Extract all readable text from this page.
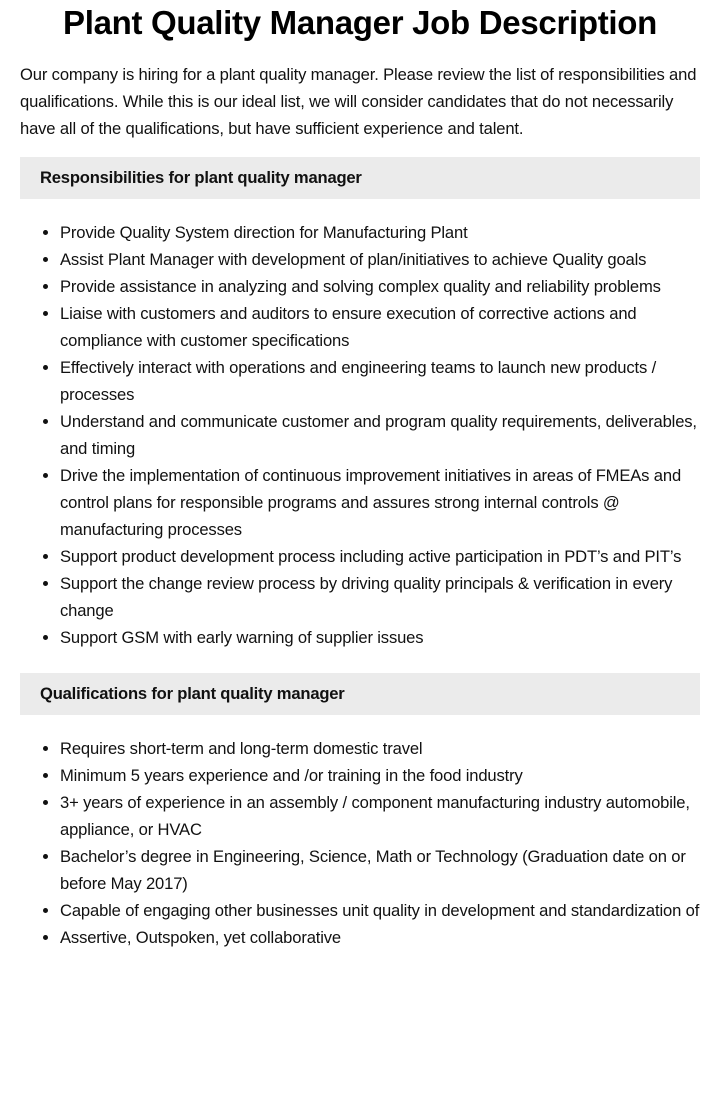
Plant Quality Manager Job Description

Our company is hiring for a plant quality manager. Please review the list of responsibilities and qualifications. While this is our ideal list, we will consider candidates that do not necessarily have all of the qualifications, but have sufficient experience and talent.

Responsibilities for plant quality manager
• Provide Quality System direction for Manufacturing Plant
• Assist Plant Manager with development of plan/initiatives to achieve Quality goals
• Provide assistance in analyzing and solving complex quality and reliability problems
• Liaise with customers and auditors to ensure execution of corrective actions and compliance with customer specifications
• Effectively interact with operations and engineering teams to launch new products / processes
• Understand and communicate customer and program quality requirements, deliverables, and timing
• Drive the implementation of continuous improvement initiatives in areas of FMEAs and control plans for responsible programs and assures strong internal controls @ manufacturing processes
• Support product development process including active participation in PDT’s and PIT’s
• Support the change review process by driving quality principals & verification in every change
• Support GSM with early warning of supplier issues
Qualifications for plant quality manager
• Requires short-term and long-term domestic travel
• Minimum 5 years experience and /or training in the food industry
• 3+ years of experience in an assembly / component manufacturing industry automobile, appliance, or HVAC
• Bachelor’s degree in Engineering, Science, Math or Technology (Graduation date on or before May 2017)
• Capable of engaging other businesses unit quality in development and standardization of
• Assertive, Outspoken, yet collaborative
